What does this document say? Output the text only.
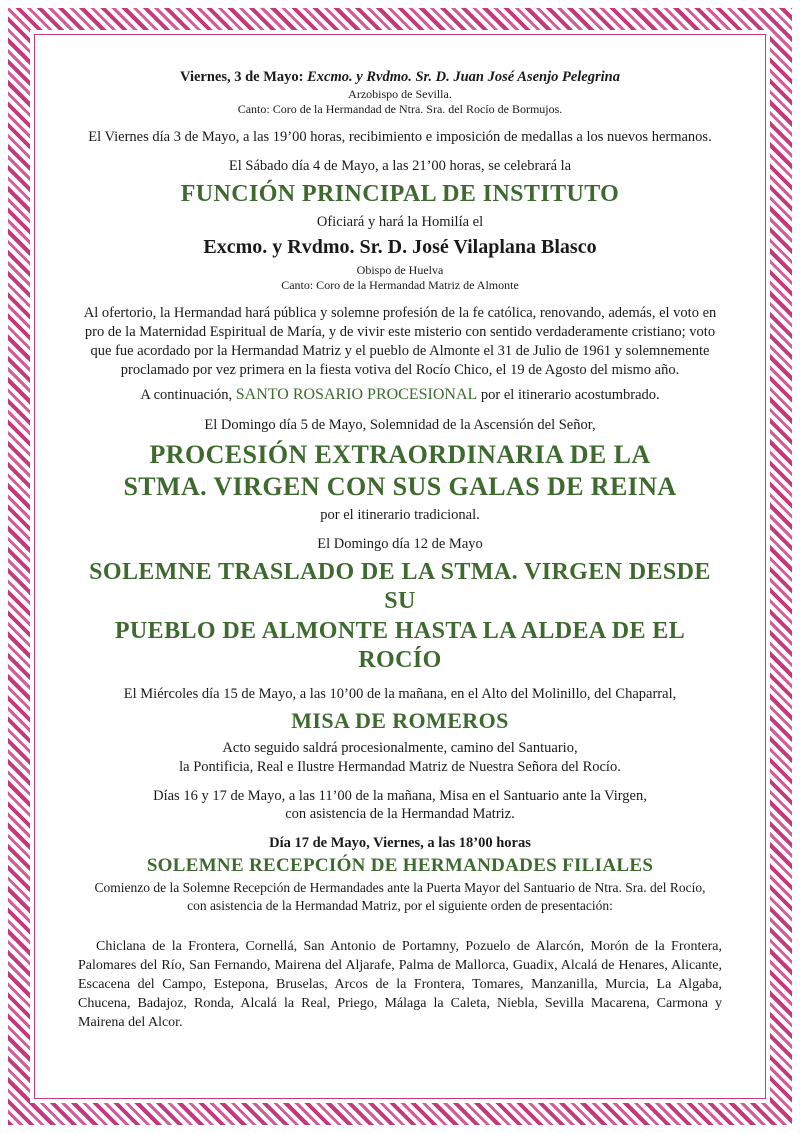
Viernes, 3 de Mayo: Excmo. y Rvdmo. Sr. D. Juan José Asenjo Pelegrina

Arzobispo de Sevilla.

Canto: Coro de la Hermandad de Ntra. Sra. del Rocío de Bormujos.

El Viernes día 3 de Mayo, a las 19’00 horas, recibimiento e imposición de medallas a los nuevos hermanos.

El Sábado día 4 de Mayo, a las 21’00 horas, se celebrará la

FUNCIÓN PRINCIPAL DE INSTITUTO

Oficiará y hará la Homilía el

Excmo. y Rvdmo. Sr. D. José Vilaplana Blasco

Obispo de Huelva

Canto: Coro de la Hermandad Matriz de Almonte

Al ofertorio, la Hermandad hará pública y solemne profesión de la fe católica, renovando, además, el voto en

pro de la Maternidad Espiritual de María, y de vivir este misterio con sentido verdaderamente cristiano; voto

que fue acordado por la Hermandad Matriz y el pueblo de Almonte el 31 de Julio de 1961 y solemnemente

proclamado por vez primera en la fiesta votiva del Rocío Chico, el 19 de Agosto del mismo año.

A continuación, SANTO ROSARIO PROCESIONAL por el itinerario acostumbrado.

El Domingo día 5 de Mayo, Solemnidad de la Ascensión del Señor,

PROCESIÓN EXTRAORDINARIA DE LA
STMA. VIRGEN CON SUS GALAS DE REINA

por el itinerario tradicional.

El Domingo día 12 de Mayo

SOLEMNE TRASLADO DE LA STMA. VIRGEN DESDE SU
PUEBLO DE ALMONTE HASTA LA ALDEA DE EL ROCÍO

El Miércoles día 15 de Mayo, a las 10’00 de la mañana, en el Alto del Molinillo, del Chaparral,

MISA DE ROMEROS

Acto seguido saldrá procesionalmente, camino del Santuario,

la Pontificia, Real e Ilustre Hermandad Matriz de Nuestra Señora del Rocío.

Días 16 y 17 de Mayo, a las 11’00 de la mañana, Misa en el Santuario ante la Virgen,

con asistencia de la Hermandad Matriz.

Día 17 de Mayo, Viernes, a las 18’00 horas

SOLEMNE RECEPCIÓN DE HERMANDADES FILIALES

Comienzo de la Solemne Recepción de Hermandades ante la Puerta Mayor del Santuario de Ntra. Sra. del Rocío,

con asistencia de la Hermandad Matriz, por el siguiente orden de presentación:

Chiclana de la Frontera, Cornellá, San Antonio de Portamny, Pozuelo de Alarcón, Morón de la Frontera, Palomares del Río, San Fernando, Mairena del Aljarafe, Palma de Mallorca, Guadix, Alcalá de Henares, Alicante, Escacena del Campo, Estepona, Bruselas, Arcos de la Frontera, Tomares, Manzanilla, Murcia, La Algaba, Chucena, Badajoz, Ronda, Alcalá la Real, Priego, Málaga la Caleta, Niebla, Sevilla Macarena, Carmona y Mairena del Alcor.
